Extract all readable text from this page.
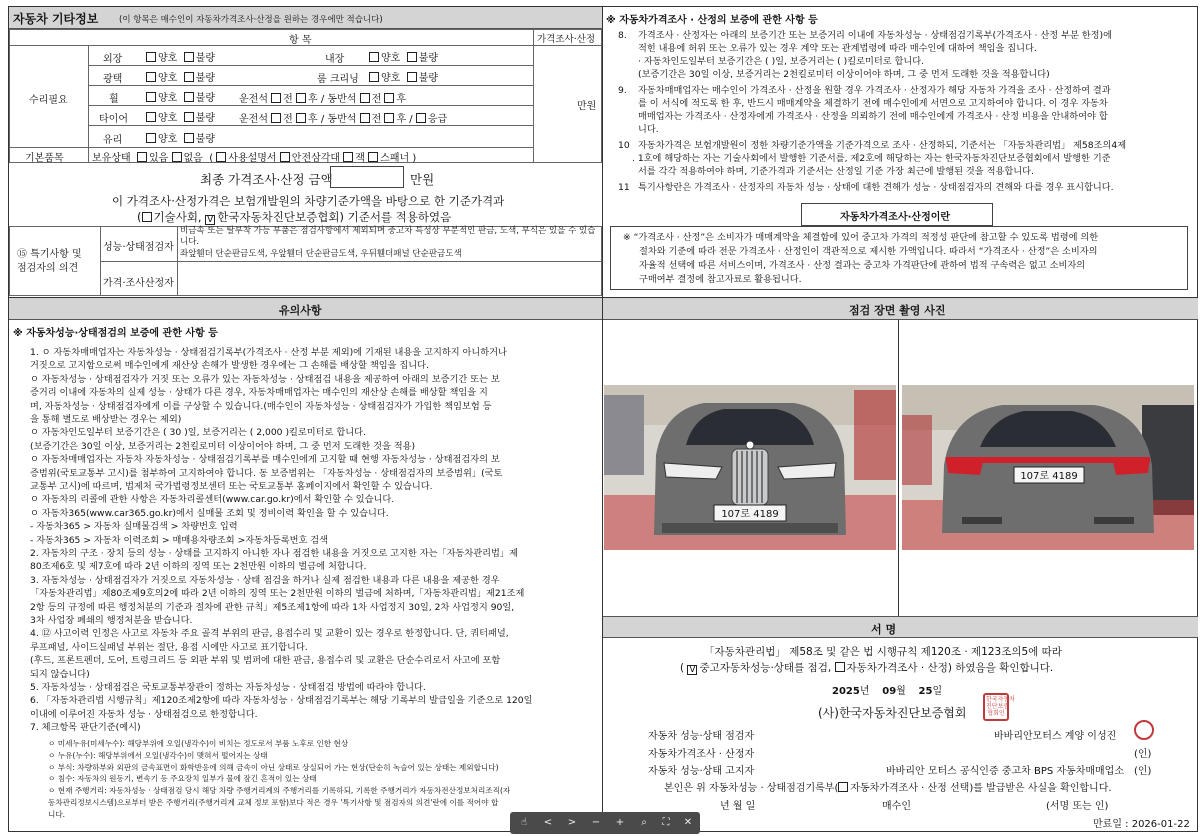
자동차 기타정보 (이 항목은 매수인이 자동차가격조사·산정을 원하는 경우에만 적습니다)
항 목	가격조사·산정
수리필요
만원
외장	양호 불량	내장	양호 불량
광택	양호 불량	룸 크리닝	양호 불량
휠	양호 불량 운전석 전 후 / 동반석 전 후
타이어	양호 불량 운전석 전 후 / 동반석 전 후 / 응급
유리	양호 불량
기본품목	보유상태 있음 없음 ( 사용설명서 안전삼각대 잭 스패너 )
최종 가격조사·산정 금액	만원
이 가격조사·산정가격은 보험개발원의 차량기준가액을 바탕으로 한 기준가격과
( 기술사회, V 한국자동차진단보증협회) 기준서를 적용하였음
⑮ 특기사항 및
점검자의 의견
성능·상태점검자
비금속 또는 탈부착 가능 부품은 점검사항에서 제외되며 중고차 특성상 부분적인 판금, 도색, 부식은 있을 수 있습니다.
좌앞휀더 단순판금도색, 우앞휀더 단순판금도색, 우뒤휀더패널 단순판금도색
가격·조사산정자
※ 자동차가격조사 · 산정의 보증에 관한 사항 등
8. 가격조사 · 산정자는 아래의 보증기간 또는 보증거리 이내에 자동차성능 · 상태점검기록부(가격조사 · 산정 부분 한정)에
적힌 내용에 허위 또는 오류가 있는 경우 계약 또는 관계법령에 따라 매수인에 대하여 책임을 집니다.
· 자동차인도일부터 보증기간은 ( )일, 보증거리는 ( )킬로미터로 합니다.
(보증기간은 30일 이상, 보증거리는 2천킬로미터 이상이어야 하며, 그 중 먼저 도래한 것을 적용합니다)
9. 자동차매매업자는 매수인이 가격조사 · 산정을 원할 경우 가격조사 · 산정자가 해당 자동차 가격을 조사 · 산정하여 결과
를 이 서식에 적도록 한 후, 반드시 매매계약을 체결하기 전에 매수인에게 서면으로 고지하여야 합니다. 이 경우 자동차
매매업자는 가격조사 · 산정자에게 가격조사 · 산정을 의뢰하기 전에 매수인에게 가격조사 · 산정 비용을 안내하여야 합
니다.
10 자동차가격은 보험개발원이 정한 차량기준가액을 기준가격으로 조사 · 산정하되, 기준서는 「자동차관리법」 제58조의4제
. 1호에 해당하는 자는 기술사회에서 발행한 기준서를, 제2호에 해당하는 자는 한국자동차진단보증협회에서 발행한 기준
서를 각각 적용하여야 하며, 기준가격과 기준서는 산정일 기준 가장 최근에 발행된 것을 적용합니다.
11 특기사항란은 가격조사 · 산정자의 자동차 성능 · 상태에 대한 견해가 성능 · 상태점검자의 견해와 다를 경우 표시합니다.
자동차가격조사·산정이란
※ “가격조사 · 산정”은 소비자가 매매계약을 체결함에 있어 중고차 가격의 적정성 판단에 참고할 수 있도록 법령에 의한
절차와 기준에 따라 전문 가격조사 · 산정인이 객관적으로 제시한 가액입니다. 따라서 “가격조사 · 산정”은 소비자의
자율적 선택에 따른 서비스이며, 가격조사 · 산정 결과는 중고차 가격판단에 관하여 법적 구속력은 없고 소비자의
구매여부 결정에 참고자료로 활용됩니다.
유의사항
※ 자동차성능·상태점검의 보증에 관한 사항 등
1. ㅇ 자동차매매업자는 자동차성능 · 상태점검기록부(가격조사 · 산정 부분 제외)에 기재된 내용을 고지하지 아니하거나
거짓으로 고지함으로써 매수인에게 재산상 손해가 발생한 경우에는 그 손해를 배상할 책임을 집니다.
ㅇ 자동차성능 · 상태점검자가 거짓 또는 오류가 있는 자동차성능 · 상태점검 내용을 제공하여 아래의 보증기간 또는 보
증거리 이내에 자동차의 실제 성능 · 상태가 다른 경우, 자동차매매업자는 매수인의 재산상 손해를 배상할 책임을 지
며, 자동차성능 · 상태점검자에게 이를 구상할 수 있습니다.(매수인이 자동차성능 · 상태점검자가 가입한 책임보험 등
을 통해 별도로 배상받는 경우는 제외)
ㅇ 자동차인도일부터 보증기간은 ( 30 )일, 보증거리는 ( 2,000 )킬로미터로 합니다.
(보증기간은 30일 이상, 보증거리는 2천킬로미터 이상이어야 하며, 그 중 먼저 도래한 것을 적용)
ㅇ 자동차매매업자는 자동차 자동차성능 · 상태점검기록부를 매수인에게 고지할 때 현행 자동차성능 · 상태점검자의 보
증범위(국토교통부 고시)를 첨부하여 고지하여야 합니다. 동 보증범위는 「자동차성능 · 상태점검자의 보증범위」(국토
교통부 고시)에 따르며, 법제처 국가법령정보센터 또는 국토교통부 홈페이지에서 확인할 수 있습니다.
ㅇ 자동차의 리콜에 관한 사항은 자동차리콜센터(www.car.go.kr)에서 확인할 수 있습니다.
ㅇ 자동차365(www.car365.go.kr)에서 실매물 조회 및 정비이력 확인을 할 수 있습니다.
- 자동차365 > 자동차 실매물검색 > 차량번호 입력
- 자동차365 > 자동차 이력조회 > 매매용차량조회 >자동차등록번호 검색
2. 자동차의 구조 · 장치 등의 성능 · 상태를 고지하지 아니한 자나 점검한 내용을 거짓으로 고지한 자는「자동차관리법」제
80조제6호 및 제7호에 따라 2년 이하의 징역 또는 2천만원 이하의 벌금에 처합니다.
3. 자동차성능 · 상태점검자가 거짓으로 자동차성능 · 상태 점검을 하거나 실제 점검한 내용과 다른 내용을 제공한 경우
「자동차관리법」제80조제9호의2에 따라 2년 이하의 징역 또는 2천만원 이하의 벌금에 처하며,「자동차관리법」제21조제
2항 등의 규정에 따른 행정처분의 기준과 절차에 관한 규칙」제5조제1항에 따라 1차 사업정지 30일, 2차 사업정지 90일,
3차 사업장 폐쇄의 행정처분을 받습니다.
4. ⑫ 사고이력 인정은 사고로 자동차 주요 골격 부위의 판금, 용접수리 및 교환이 있는 경우로 한정합니다. 단, 쿼터패널,
루프패널, 사이드실패널 부위는 절단, 용접 시에만 사고로 표기합니다.
(후드, 프론트펜더, 도어, 트렁크리드 등 외판 부위 및 범퍼에 대한 판금, 용접수리 및 교환은 단순수리로서 사고에 포함
되지 않습니다)
5. 자동차성능 · 상태점검은 국토교통부장관이 정하는 자동차성능 · 상태점검 방법에 따라야 합니다.
6. 「자동차관리법 시행규칙」제120조제2항에 따라 자동차성능 · 상태점검기록부는 해당 기록부의 발급일을 기준으로 120일
이내에 이루어진 자동차 성능 · 상태점검으로 한정합니다.
7. 체크항목 판단기준(예시)
ㅇ 미세누유(미세누수): 해당부위에 오일(냉각수)이 비치는 정도로서 부품 노후로 인한 현상
ㅇ 누유(누수): 해당부위에서 오일(냉각수)이 맺혀서 떨어지는 상태
ㅇ 부식: 차량하부와 외판의 금속표면이 화학반응에 의해 금속이 아닌 상태로 상실되어 가는 현상(단순히 녹슬어 있는 상태는 제외합니다)
ㅇ 침수: 자동차의 원동기, 변속기 등 주요장치 일부가 물에 잠긴 흔적이 있는 상태
ㅇ 현재 주행거리: 자동차성능 · 상태점검 당시 해당 차량 주행거리계의 주행거리를 기록하되, 기록한 주행거리가 자동차전산정보처리조직(자
동차관리정보시스템)으로부터 받은 주행거리(주행거리계 교체 정보 포함)보다 적은 경우 '특기사항 및 점검자의 의견'란에 이를 적어야 합
니다.
점검 장면 촬영 사진
107로 4189
107로 4189
서 명
「자동차관리법」 제58조 및 같은 법 시행규칙 제120조 · 제123조의5에 따라
( V 중고자동차성능·상태를 점검, 자동차가격조사 · 산정) 하였음을 확인합니다.
2025년 09월 25일
(사)한국자동차진단보증협회
한국자동차
진단보증
협회인
자동차 성능·상태 점검자	바바리안모터스 계양 이성진
자동차가격조사 · 산정자	(인)
자동차 성능·상태 고지자	바바리안 모터스 공식인증 중고차 BPS 자동차매매업소 (인)
본인은 위 자동차성능 · 상태점검기록부( 자동차가격조사 · 산정 선택)를 발급받은 사실을 확인합니다.
년 월 일	매수인	(서명 또는 인)
만료일 : 2026-01-22
☝	<	>	−	+	⌕	⛶	✕
